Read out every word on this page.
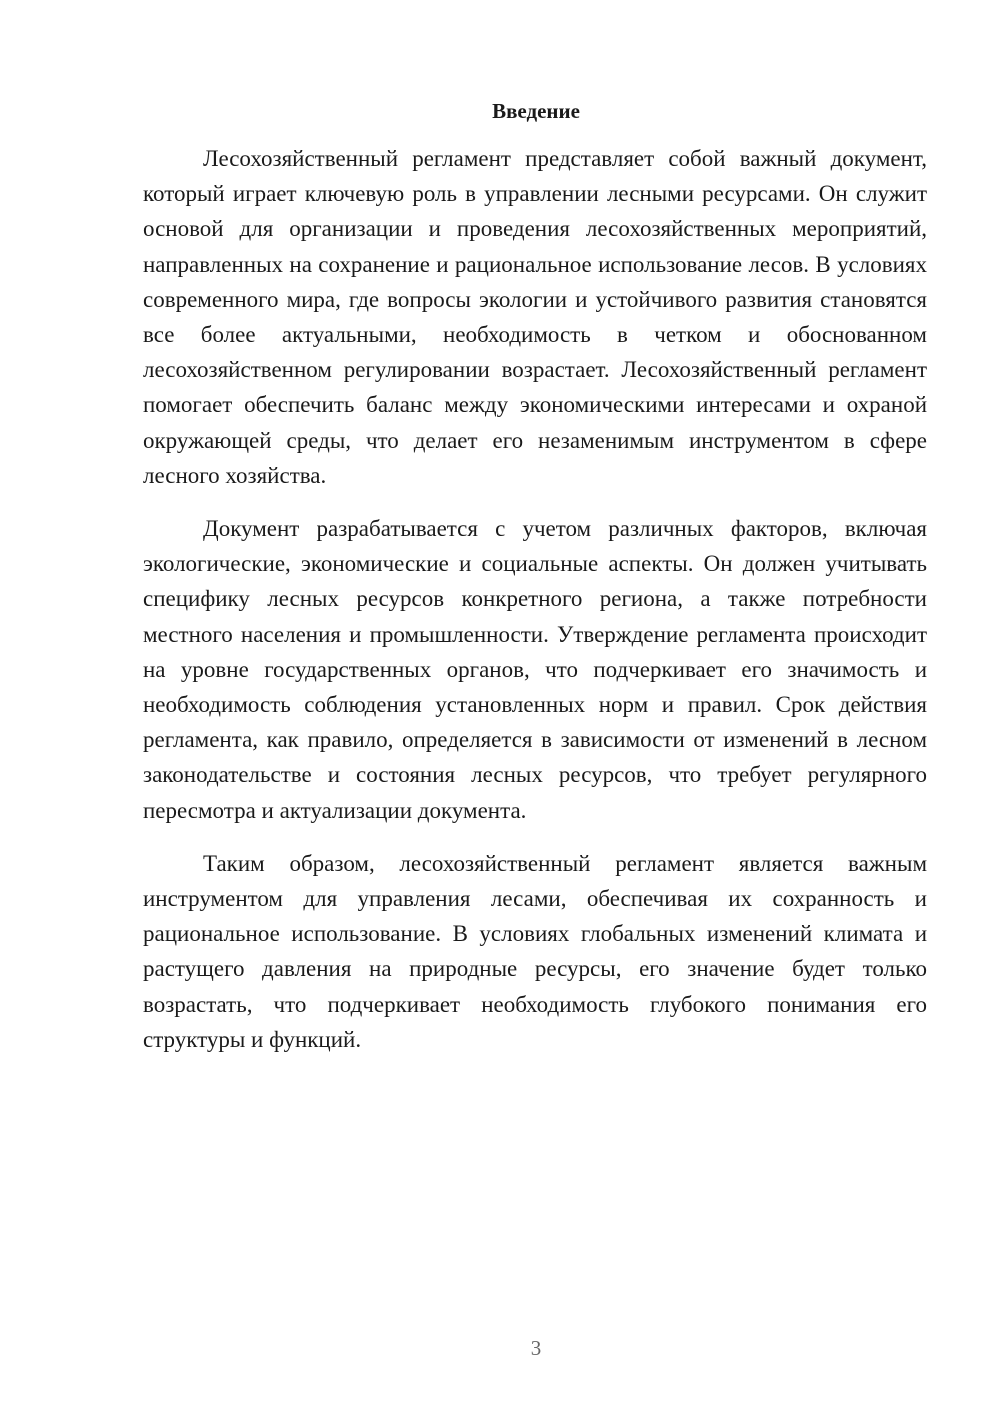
Введение

Лесохозяйственный регламент представляет собой важный документ, который играет ключевую роль в управлении лесными ресурсами. Он служит основой для организации и проведения лесохозяйственных мероприятий, направленных на сохранение и рациональное использование лесов. В условиях современного мира, где вопросы экологии и устойчивого развития становятся все более актуальными, необходимость в четком и обоснованном лесохозяйственном регулировании возрастает. Лесохозяйственный регламент помогает обеспечить баланс между экономическими интересами и охраной окружающей среды, что делает его незаменимым инструментом в сфере лесного хозяйства.

Документ разрабатывается с учетом различных факторов, включая экологические, экономические и социальные аспекты. Он должен учитывать специфику лесных ресурсов конкретного региона, а также потребности местного населения и промышленности. Утверждение регламента происходит на уровне государственных органов, что подчеркивает его значимость и необходимость соблюдения установленных норм и правил. Срок действия регламента, как правило, определяется в зависимости от изменений в лесном законодательстве и состояния лесных ресурсов, что требует регулярного пересмотра и актуализации документа.

Таким образом, лесохозяйственный регламент является важным инструментом для управления лесами, обеспечивая их сохранность и рациональное использование. В условиях глобальных изменений климата и растущего давления на природные ресурсы, его значение будет только возрастать, что подчеркивает необходимость глубокого понимания его структуры и функций.

3
